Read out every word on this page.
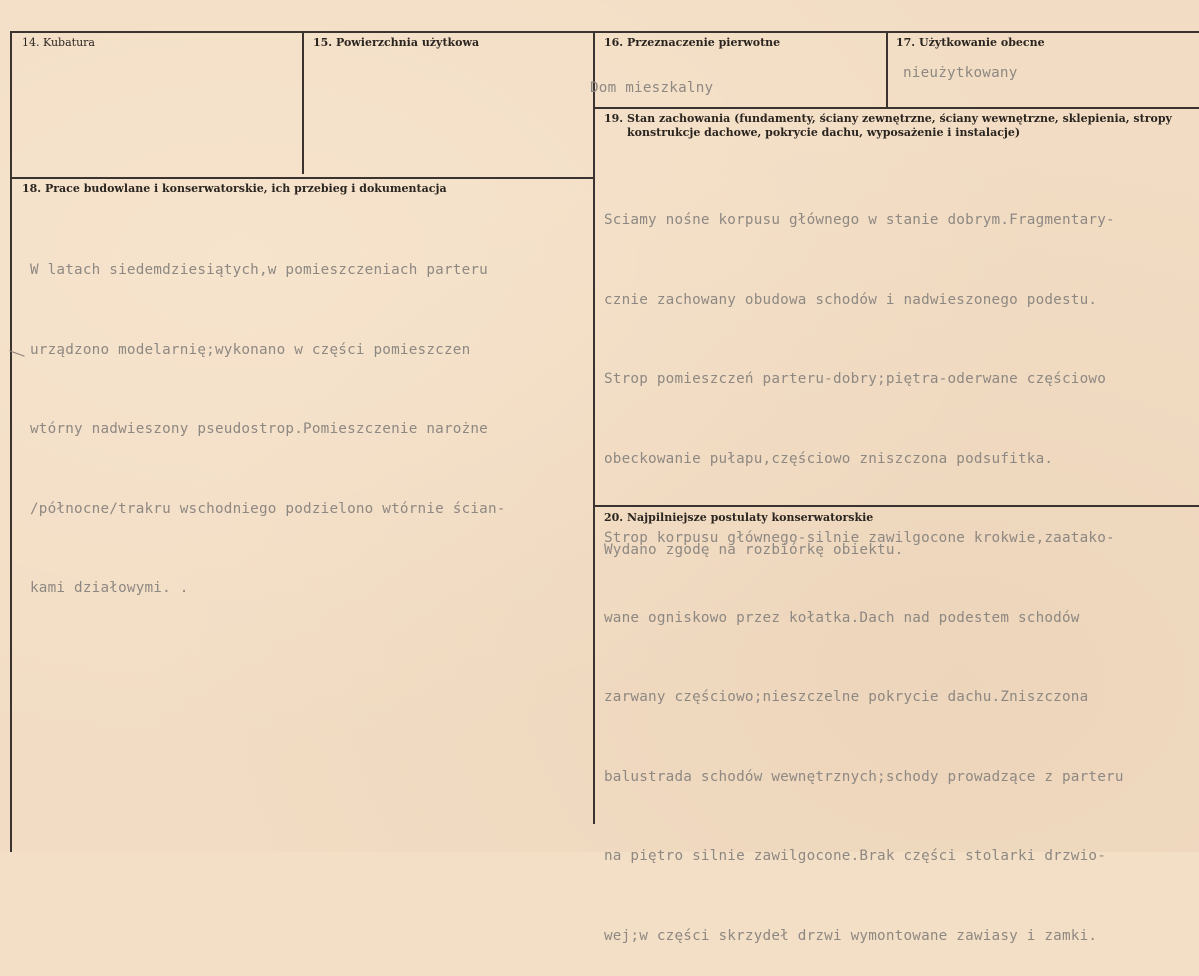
14. Kubatura	15. Powierzchnia użytkowa	16. Przeznaczenie pierwotne
Dom mieszkalny
17. Użytkowanie obecne
nieużytkowany
18. Prace budowlane i konserwatorskie, ich przebieg i dokumentacja

W latach siedemdziesiątych,w pomieszczeniach parteru

urządzono modelarnię;wykonano w części pomieszczen

wtórny nadwieszony pseudostrop.Pomieszczenie narożne

/północne/trakru wschodniego podzielono wtórnie ścian-

kami działowymi. .

19. Stan zachowania (fundamenty, ściany zewnętrzne, ściany wewnętrzne, sklepienia, stropy
konstrukcje dachowe, pokrycie dachu, wyposażenie i instalacje)

Sciamy nośne korpusu głównego w stanie dobrym.Fragmentary-

cznie zachowany obudowa schodów i nadwieszonego podestu.

Strop pomieszczeń parteru-dobry;piętra-oderwane częściowo

obeckowanie pułapu,częściowo zniszczona podsufitka.

Strop korpusu głównego-silnie zawilgocone krokwie,zaatako-

wane ogniskowo przez kołatka.Dach nad podestem schodów

zarwany częściowo;nieszczelne pokrycie dachu.Zniszczona

balustrada schodów wewnętrznych;schody prowadzące z parteru

na piętro silnie zawilgocone.Brak części stolarki drzwio-

wej;w części skrzydeł drzwi wymontowane zawiasy i zamki.

20. Najpilniejsze postulaty konserwatorskie
Wydano zgodę na rozbiórkę obiektu.
